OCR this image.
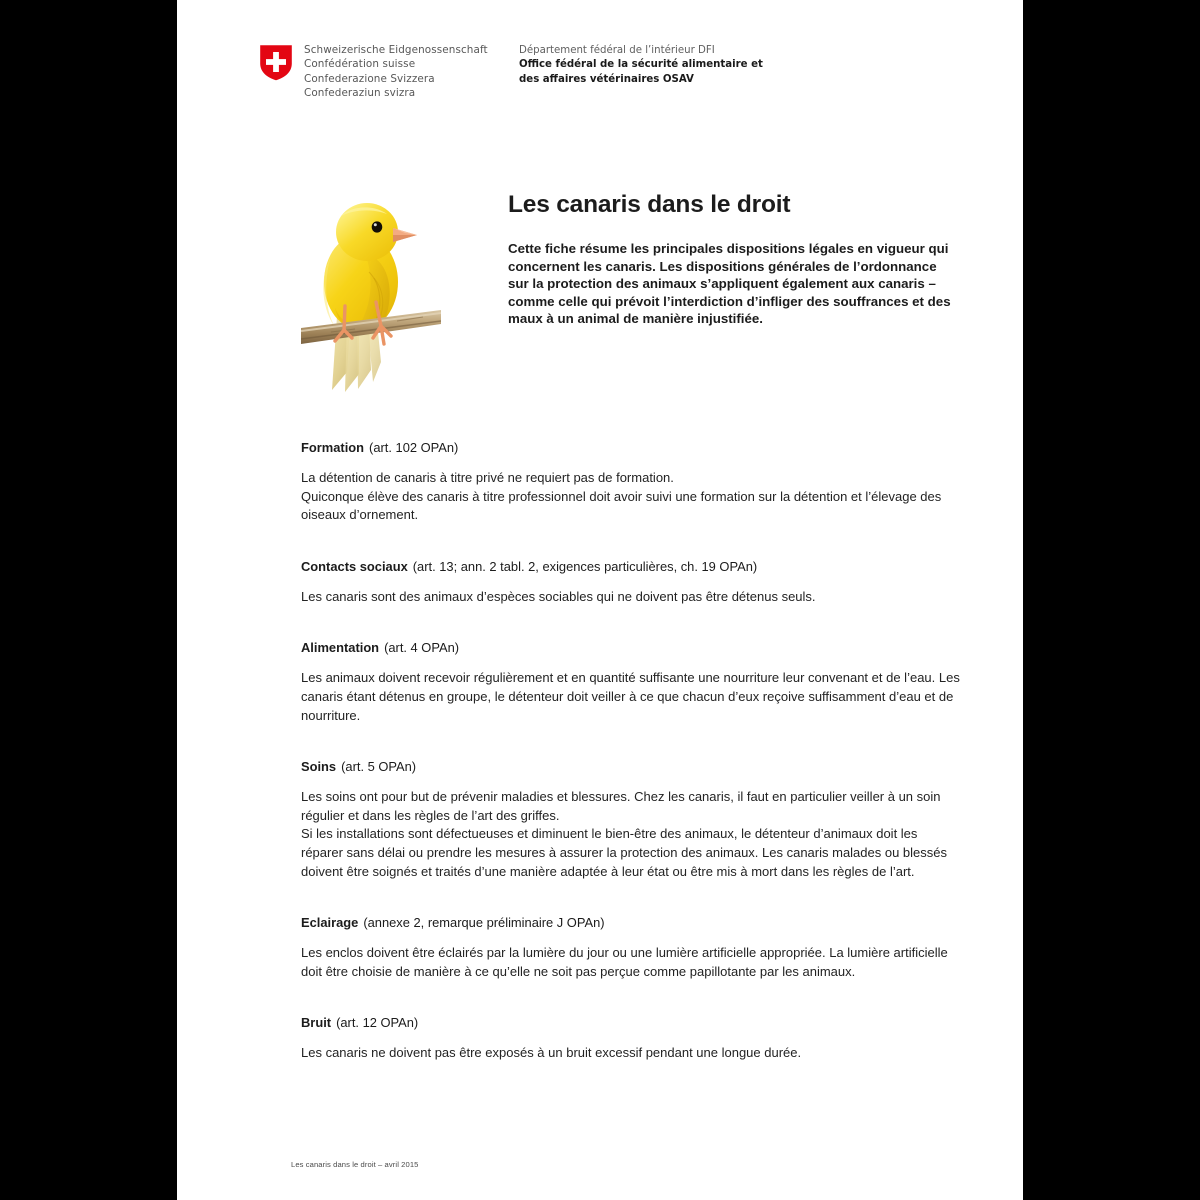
Schweizerische Eidgenossenschaft
Confédération suisse
Confederazione Svizzera
Confederaziun svizra
Département fédéral de l’intérieur DFI
Office fédéral de la sécurité alimentaire et
des affaires vétérinaires OSAV
Les canaris dans le droit

Cette fiche résume les principales dispositions légales en vigueur qui concernent les canaris. Les dispositions générales de l’ordonnance sur la protection des animaux s’appliquent également aux canaris – comme celle qui prévoit l’interdiction d’infliger des souffrances et des maux à un animal de manière injustifiée.

Formation (art. 102 OPAn)

La détention de canaris à titre privé ne requiert pas de formation.
Quiconque élève des canaris à titre professionnel doit avoir suivi une formation sur la détention et l’élevage des oiseaux d’ornement.

Contacts sociaux (art. 13; ann. 2 tabl. 2, exigences particulières, ch. 19 OPAn)

Les canaris sont des animaux d’espèces sociables qui ne doivent pas être détenus seuls.

Alimentation (art. 4 OPAn)

Les animaux doivent recevoir régulièrement et en quantité suffisante une nourriture leur convenant et de l’eau. Les canaris étant détenus en groupe, le détenteur doit veiller à ce que chacun d’eux reçoive suffisamment d’eau et de nourriture.

Soins (art. 5 OPAn)

Les soins ont pour but de prévenir maladies et blessures. Chez les canaris, il faut en particulier veiller à un soin régulier et dans les règles de l’art des griffes.
Si les installations sont défectueuses et diminuent le bien-être des animaux, le détenteur d’animaux doit les réparer sans délai ou prendre les mesures à assurer la protection des animaux. Les canaris malades ou blessés doivent être soignés et traités d’une manière adaptée à leur état ou être mis à mort dans les règles de l’art.

Eclairage (annexe 2, remarque préliminaire J OPAn)

Les enclos doivent être éclairés par la lumière du jour ou une lumière artificielle appropriée. La lumière artificielle doit être choisie de manière à ce qu’elle ne soit pas perçue comme papillotante par les animaux.

Bruit (art. 12 OPAn)

Les canaris ne doivent pas être exposés à un bruit excessif pendant une longue durée.

Les canaris dans le droit – avril 2015
